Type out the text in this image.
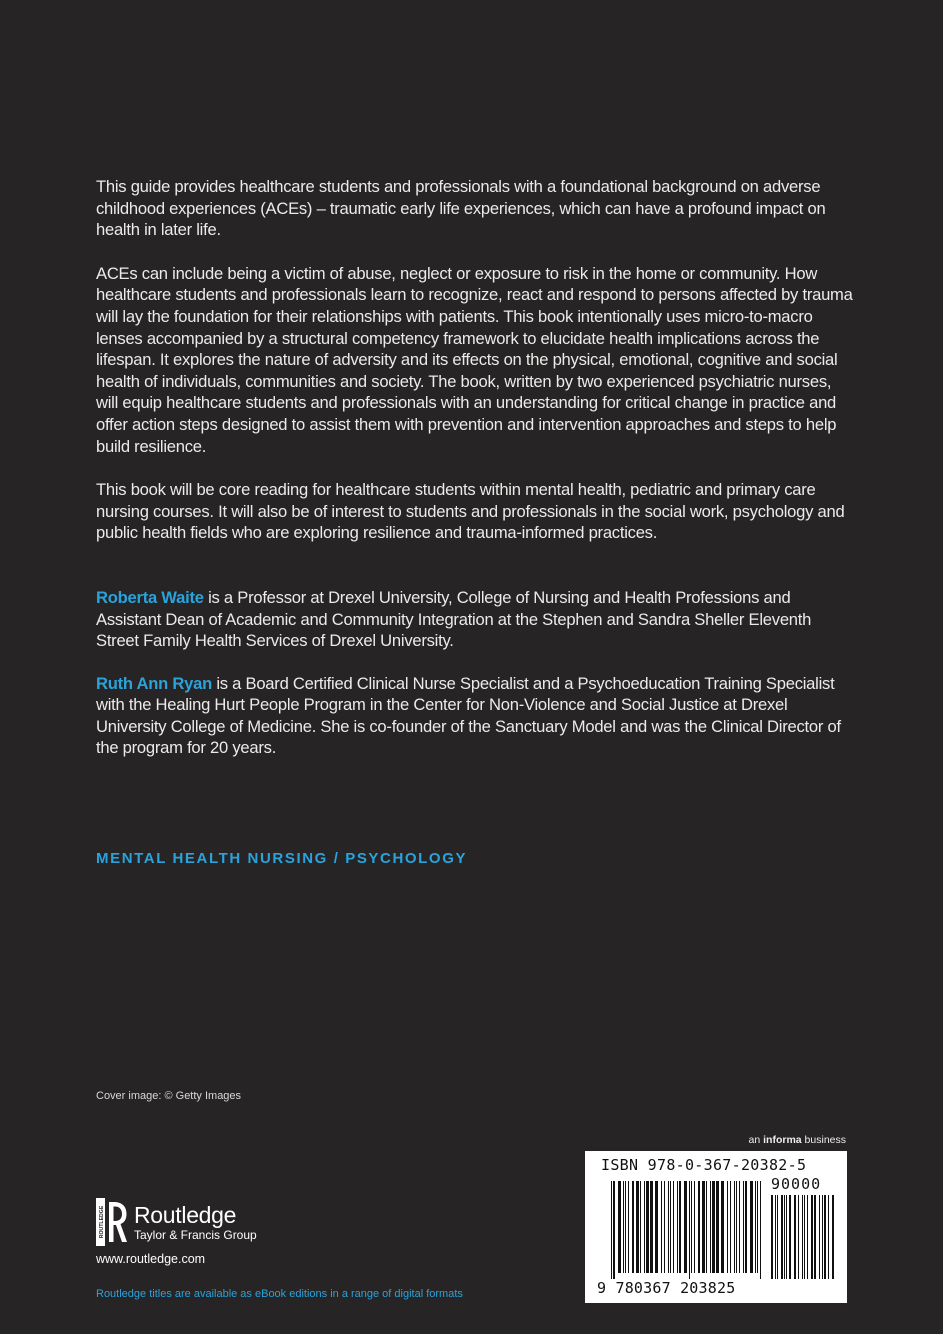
This guide provides healthcare students and professionals with a foundational background on adverse childhood experiences (ACEs) – traumatic early life experiences, which can have a profound impact on health in later life.

ACEs can include being a victim of abuse, neglect or exposure to risk in the home or community. How healthcare students and professionals learn to recognize, react and respond to persons affected by trauma will lay the foundation for their relationships with patients. This book intentionally uses micro-to-macro lenses accompanied by a structural competency framework to elucidate health implications across the lifespan. It explores the nature of adversity and its effects on the physical, emotional, cognitive and social health of individuals, communities and society. The book, written by two experienced psychiatric nurses, will equip healthcare students and professionals with an understanding for critical change in practice and offer action steps designed to assist them with prevention and intervention approaches and steps to help build resilience.

This book will be core reading for healthcare students within mental health, pediatric and primary care nursing courses. It will also be of interest to students and professionals in the social work, psychology and public health fields who are exploring resilience and trauma-informed practices.

Roberta Waite is a Professor at Drexel University, College of Nursing and Health Professions and Assistant Dean of Academic and Community Integration at the Stephen and Sandra Sheller Eleventh Street Family Health Services of Drexel University.

Ruth Ann Ryan is a Board Certified Clinical Nurse Specialist and a Psychoeducation Training Specialist with the Healing Hurt People Program in the Center for Non-Violence and Social Justice at Drexel University College of Medicine. She is co-founder of the Sanctuary Model and was the Clinical Director of the program for 20 years.

MENTAL HEALTH NURSING / PSYCHOLOGY
Cover image: © Getty Images
an informa business
ROUTLEDGE Routledge
Taylor & Francis Group
www.routledge.com
Routledge titles are available as eBook editions in a range of digital formats
ISBN 978-0-367-20382-5
90000
9 780367 203825
